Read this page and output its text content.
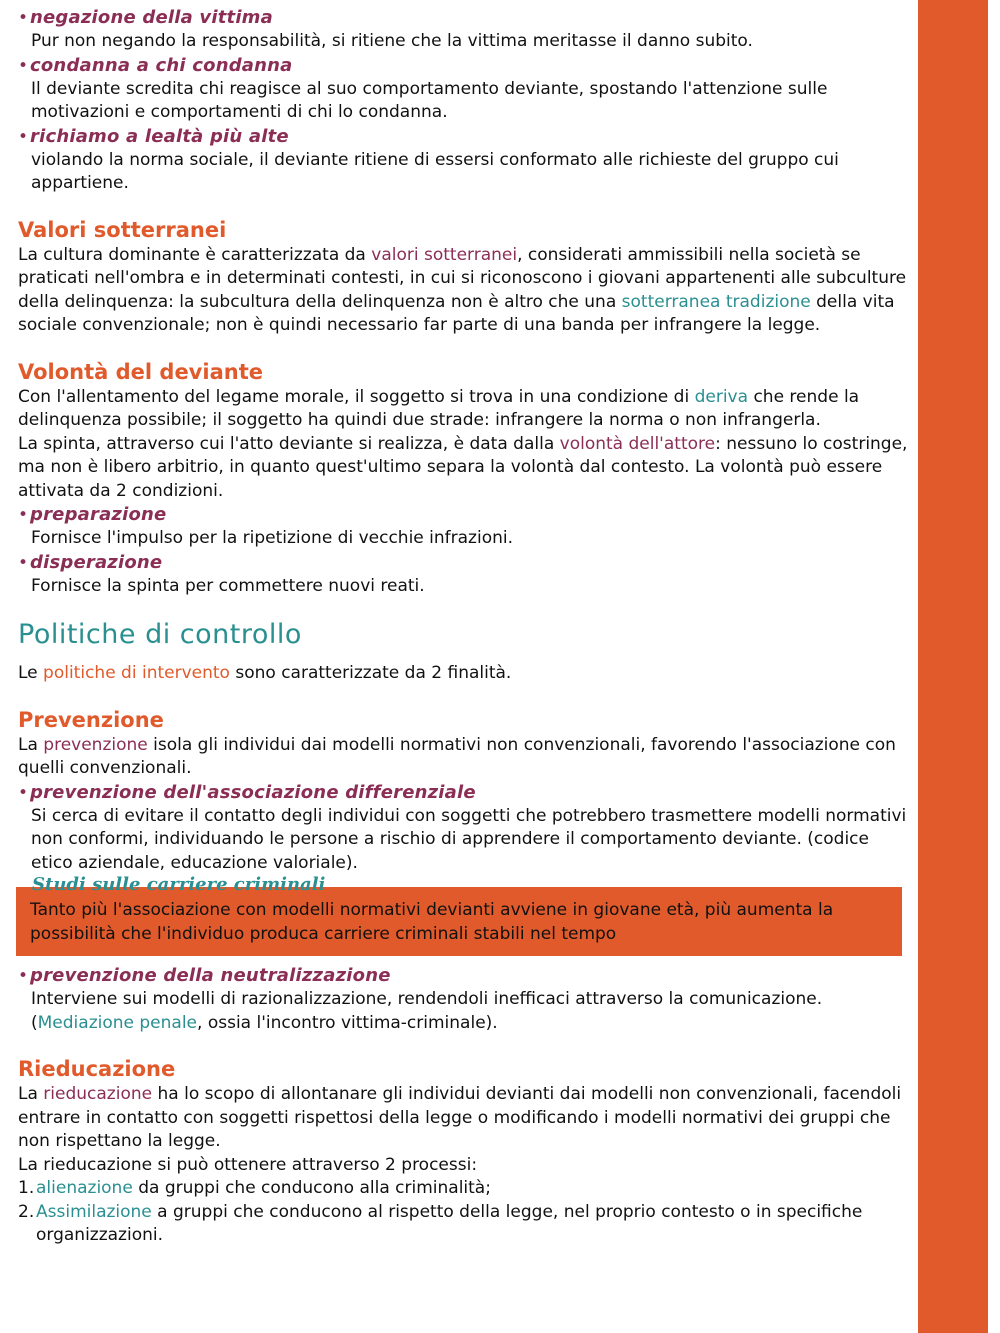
• negazione della vittima

Pur non negando la responsabilità, si ritiene che la vittima meritasse il danno subito.

• condanna a chi condanna

Il deviante screditа chi reagisce al suo comportamento deviante, spostando l'attenzione sulle motivazioni e comportamenti di chi lo condanna.

• richiamo a lealtà più alte

violando la norma sociale, il deviante ritiene di essersi conformato alle richieste del gruppo cui appartiene.

Valori sotterranei

La cultura dominante è caratterizzata da valori sotterranei, considerati ammissibili nella società se praticati nell'ombra e in determinati contesti, in cui si riconoscono i giovani appartenenti alle subculture della delinquenza: la subcultura della delinquenza non è altro che una sotterranea tradizione della vita sociale convenzionale; non è quindi necessario far parte di una banda per infrangere la legge.

Volontà del deviante

Con l'allentamento del legame morale, il soggetto si trova in una condizione di deriva che rende la delinquenza possibile; il soggetto ha quindi due strade: infrangere la norma o non infrangerla.

La spinta, attraverso cui l'atto deviante si realizza, è data dalla volontà dell'attore: nessuno lo costringe, ma non è libero arbitrio, in quanto quest'ultimo separa la volontà dal contesto. La volontà può essere attivata da 2 condizioni.

• preparazione

Fornisce l'impulso per la ripetizione di vecchie infrazioni.

• disperazione

Fornisce la spinta per commettere nuovi reati.

Politiche di controllo

Le politiche di intervento sono caratterizzate da 2 finalità.

Prevenzione

La prevenzione isola gli individui dai modelli normativi non convenzionali, favorendo l'associazione con quelli convenzionali.

• prevenzione dell'associazione differenziale

Si cerca di evitare il contatto degli individui con soggetti che potrebbero trasmettere modelli normativi non conformi, individuando le persone a rischio di apprendere il comportamento deviante. (codice etico aziendale, educazione valoriale).

Studi sulle carriere criminali

Tanto più l'associazione con modelli normativi devianti avviene in giovane età, più aumenta la possibilità che l'individuo produca carriere criminali stabili nel tempo

• prevenzione della neutralizzazione

Interviene sui modelli di razionalizzazione, rendendoli inefficaci attraverso la comunicazione. (Mediazione penale, ossia l'incontro vittima-criminale).

Rieducazione

La rieducazione ha lo scopo di allontanare gli individui devianti dai modelli non convenzionali, facendoli entrare in contatto con soggetti rispettosi della legge o modificando i modelli normativi dei gruppi che non rispettano la legge.

La rieducazione si può ottenere attraverso 2 processi:

1. alienazione da gruppi che conducono alla criminalità;

2. Assimilazione a gruppi che conducono al rispetto della legge, nel proprio contesto o in specifiche organizzazioni.
